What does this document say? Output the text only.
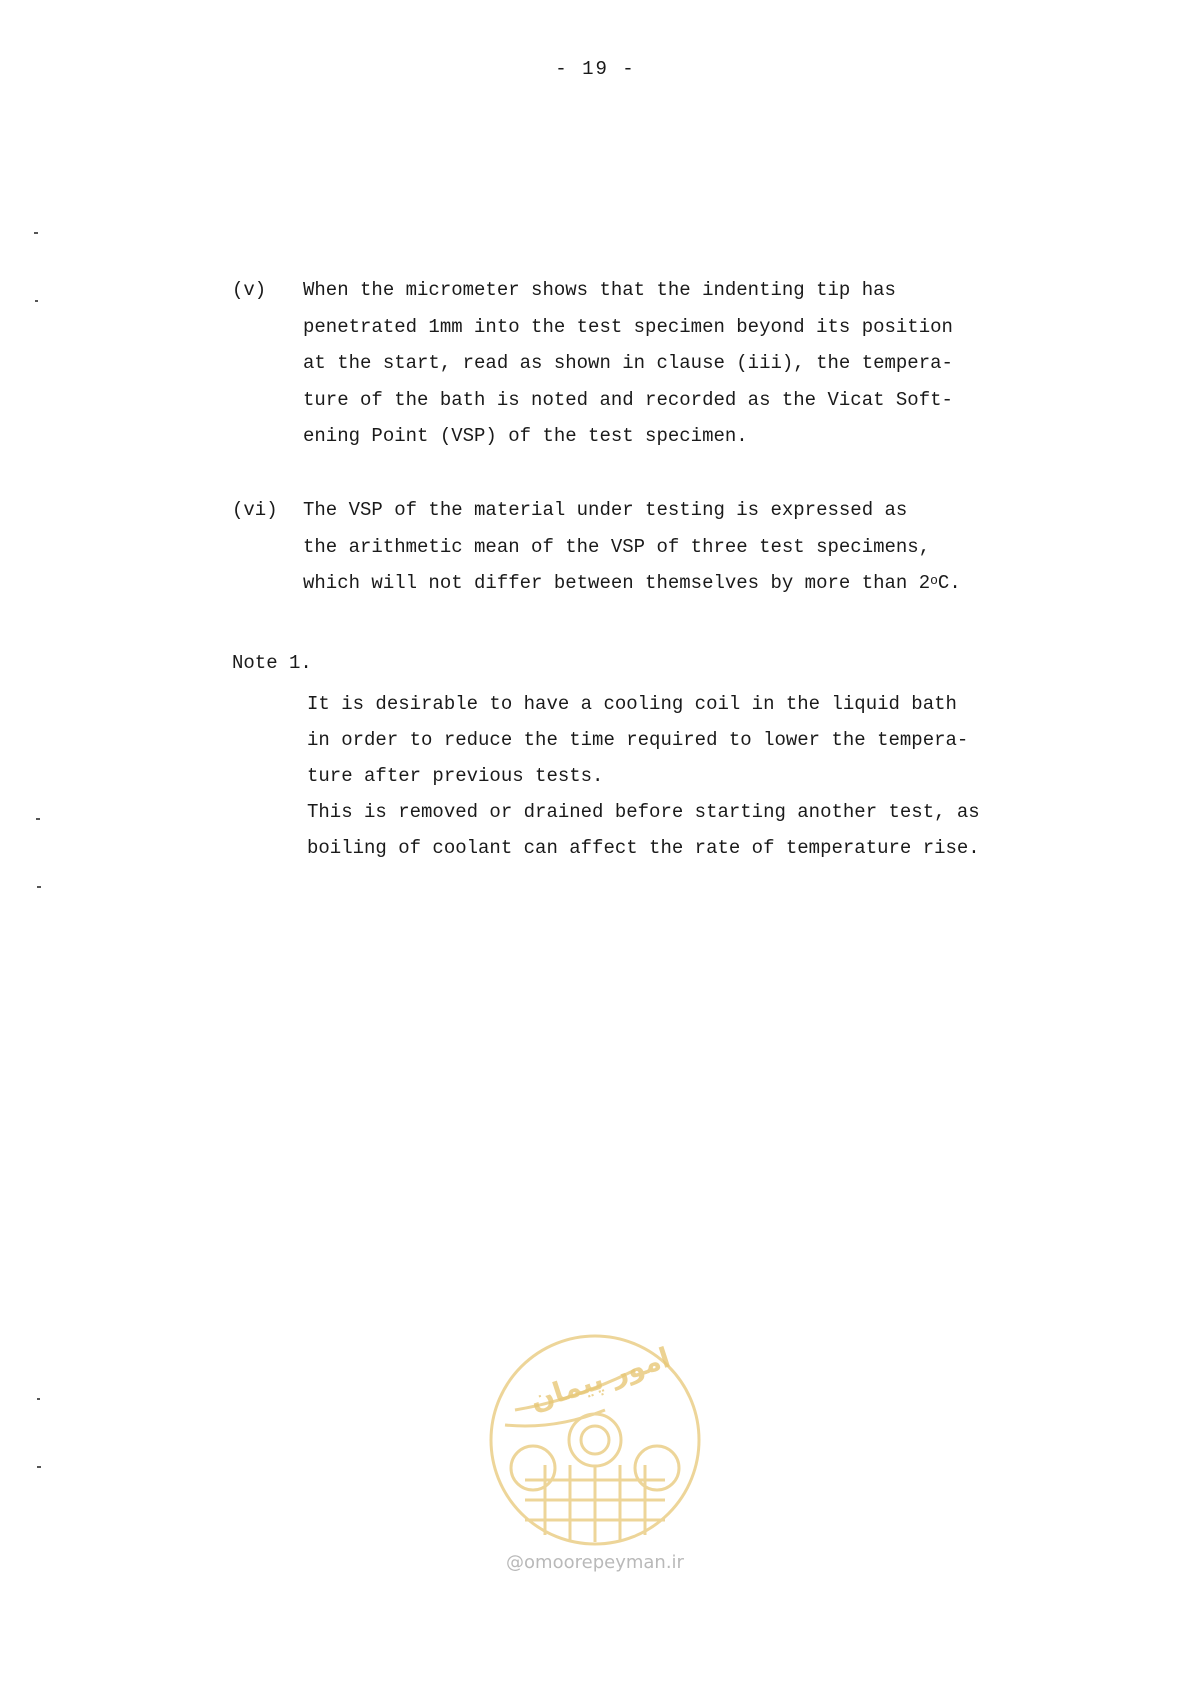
- 19 -
(v) When the micrometer shows that the indenting tip has
penetrated 1mm into the test specimen beyond its position
at the start, read as shown in clause (iii), the tempera-
ture of the bath is noted and recorded as the Vicat Soft-
ening Point (VSP) of the test specimen.
(vi) The VSP of the material under testing is expressed as
the arithmetic mean of the VSP of three test specimens,
which will not differ between themselves by more than 2$^o$C.
Note 1.
It is desirable to have a cooling coil in the liquid bath
in order to reduce the time required to lower the tempera-
ture after previous tests.
This is removed or drained before starting another test, as
boiling of coolant can affect the rate of temperature rise.
امور پیمان
@omoorepeyman.ir
